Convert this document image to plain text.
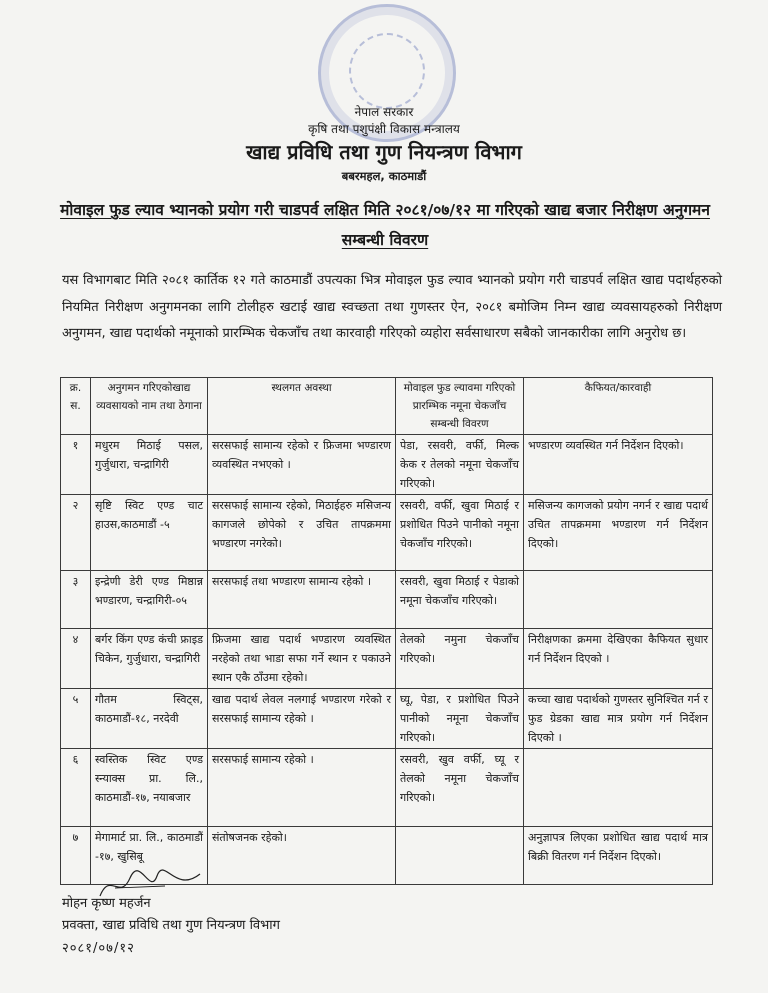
नेपाल सरकार
कृषि तथा पशुपंक्षी विकास मन्त्रालय
खाद्य प्रविधि तथा गुण नियन्त्रण विभाग
बबरमहल, काठमाडौं
मोवाइल फुड ल्याव भ्यानको प्रयोग गरी चाडपर्व लक्षित मिति २०८१/०७/१२ मा गरिएको खाद्य बजार निरीक्षण अनुगमन सम्बन्धी विवरण
यस विभागबाट मिति २०८१ कार्तिक १२ गते काठमाडौं उपत्यका भित्र मोवाइल फुड ल्याव भ्यानको प्रयोग गरी चाडपर्व लक्षित खाद्य पदार्थहरुको नियमित निरीक्षण अनुगमनका लागि टोलीहरु खटाई खाद्य स्वच्छता तथा गुणस्तर ऐन, २०८१ बमोजिम निम्न खाद्य व्यवसायहरुको निरीक्षण अनुगमन, खाद्य पदार्थको नमूनाको प्रारम्भिक चेकजाँच तथा कारवाही गरिएको व्यहोरा सर्वसाधारण सबैको जानकारीका लागि अनुरोध छ।
क्र. स.	अनुगमन गरिएकोखाद्य व्यवसायको नाम तथा ठेगाना	स्थलगत अवस्था	मोवाइल फुड ल्यावमा गरिएको प्रारम्भिक नमूना चेकजाँच सम्बन्धी विवरण	कैफियत/कारवाही
१	मधुरम मिठाई पसल, गुर्जुधारा, चन्द्रागिरी	सरसफाई सामान्य रहेको र फ्रिजमा भण्डारण व्यवस्थित नभएको ।	पेडा, रसवरी, वर्फी, मिल्क केक र तेलको नमूना चेकजाँच गरिएको।	भण्डारण व्यवस्थित गर्न निर्देशन दिएको।
२	सृष्टि स्विट एण्ड चाट हाउस,काठमाडौं -५	सरसफाई सामान्य रहेको, मिठाईहरु मसिजन्य कागजले छोपेको र उचित तापक्रममा भण्डारण नगरेको।	रसवरी, वर्फी, खुवा मिठाई र प्रशोधित पिउने पानीको नमूना चेकजाँच गरिएको।	मसिजन्य कागजको प्रयोग नगर्न र खाद्य पदार्थ उचित तापक्रममा भण्डारण गर्न निर्देशन दिएको।
३	इन्द्रेणी डेरी एण्ड मिष्ठान्न भण्डारण, चन्द्रागिरी-०५	सरसफाई तथा भण्डारण सामान्य रहेको ।	रसवरी, खुवा मिठाई र पेडाको नमूना चेकजाँच गरिएको।	
४	बर्गर किंग एण्ड कंची फ्राइड चिकेन, गुर्जुधारा, चन्द्रागिरी	फ्रिजमा खाद्य पदार्थ भण्डारण व्यवस्थित नरहेको तथा भाडा सफा गर्ने स्थान र पकाउने स्थान एकै ठाँउमा रहेको।	तेलको नमुना चेकजाँच गरिएको।	निरीक्षणका क्रममा देखिएका कैफियत सुधार गर्न निर्देशन दिएको ।
५	गौतम स्विट्स, काठमाडौं-१८, नरदेवी	खाद्य पदार्थ लेवल नलगाई भण्डारण गरेको र सरसफाई सामान्य रहेको ।	घ्यू, पेडा, र प्रशोधित पिउने पानीको नमूना चेकजाँच गरिएको।	कच्चा खाद्य पदार्थको गुणस्तर सुनिश्चित गर्न र फुड ग्रेडका खाद्य मात्र प्रयोग गर्न निर्देशन दिएको ।
६	स्वस्तिक स्विट एण्ड स्न्याक्स प्रा. लि., काठमाडौं-१७, नयाबजार	सरसफाई सामान्य रहेको ।	रसवरी, खुव वर्फी, घ्यू र तेलको नमूना चेकजाँच गरिएको।	
७	मेगामार्ट प्रा. लि., काठमाडौं -१७, खुसिबू	संतोषजनक रहेको।		अनुज्ञापत्र लिएका प्रशोधित खाद्य पदार्थ मात्र बिक्री वितरण गर्न निर्देशन दिएको।
मोहन कृष्ण महर्जन
प्रवक्ता, खाद्य प्रविधि तथा गुण नियन्त्रण विभाग
२०८१/०७/१२
